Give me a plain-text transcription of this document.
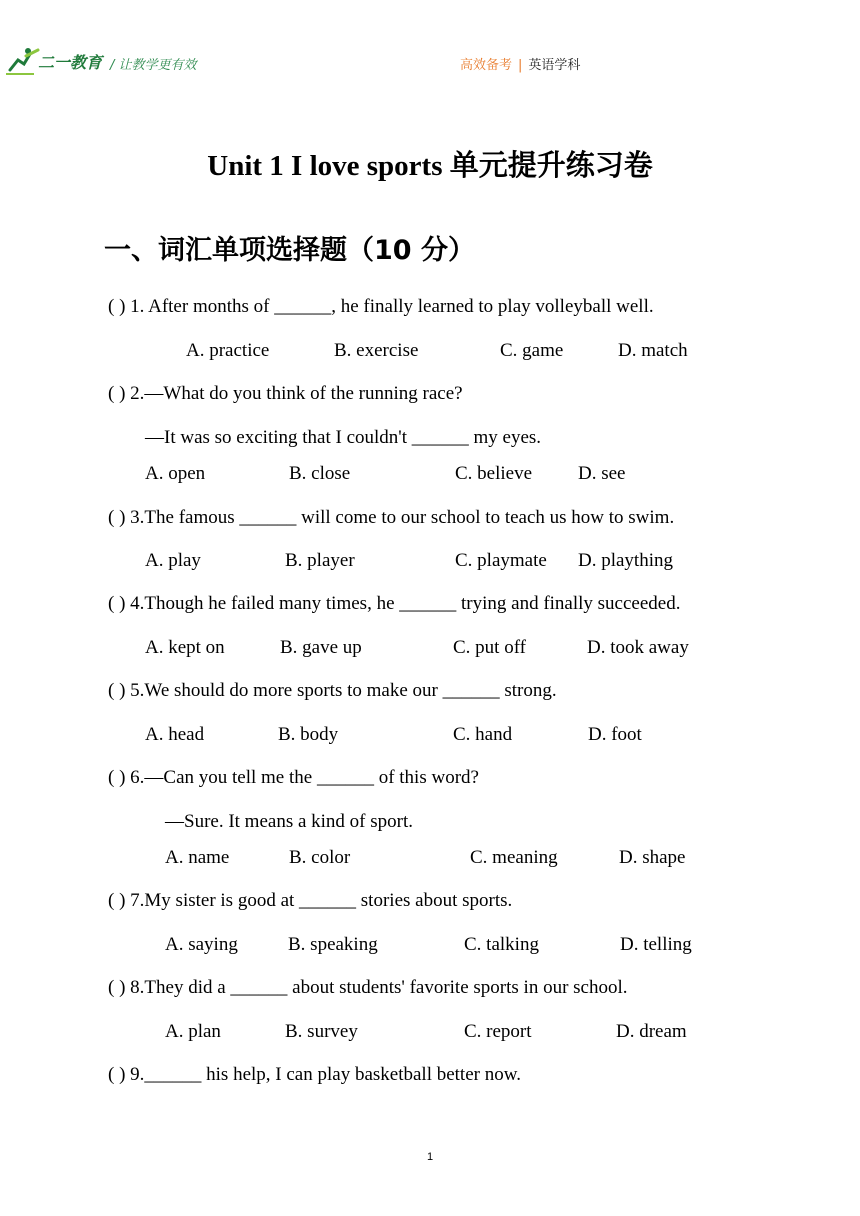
二一教育 / 让教学更有效	高效备考 | 英语学科
Unit 1 I love sports 单元提升练习卷
一、词汇单项选择题（10 分）
( ) 1. After months of ______, he finally learned to play volleyball well.
A. practice	B. exercise	C. game	D. match
( ) 2.—What do you think of the running race?
—It was so exciting that I couldn't ______ my eyes.
A. open	B. close	C. believe D. see
( ) 3.The famous ______ will come to our school to teach us how to swim.
A. play	B. player	C. playmate D. plaything
( ) 4.Though he failed many times, he ______ trying and finally succeeded.
A. kept on	B. gave up	C. put off	D. took away
( ) 5.We should do more sports to make our ______ strong.
A. head	B. body	C. hand	D. foot
( ) 6.—Can you tell me the ______ of this word?
—Sure. It means a kind of sport.
A. name	B. color	C. meaning	D. shape
( ) 7.My sister is good at ______ stories about sports.
A. saying	B. speaking	C. talking	D. telling
( ) 8.They did a ______ about students' favorite sports in our school.
A. plan	B. survey	C. report	D. dream
( ) 9.______ his help, I can play basketball better now.
1
